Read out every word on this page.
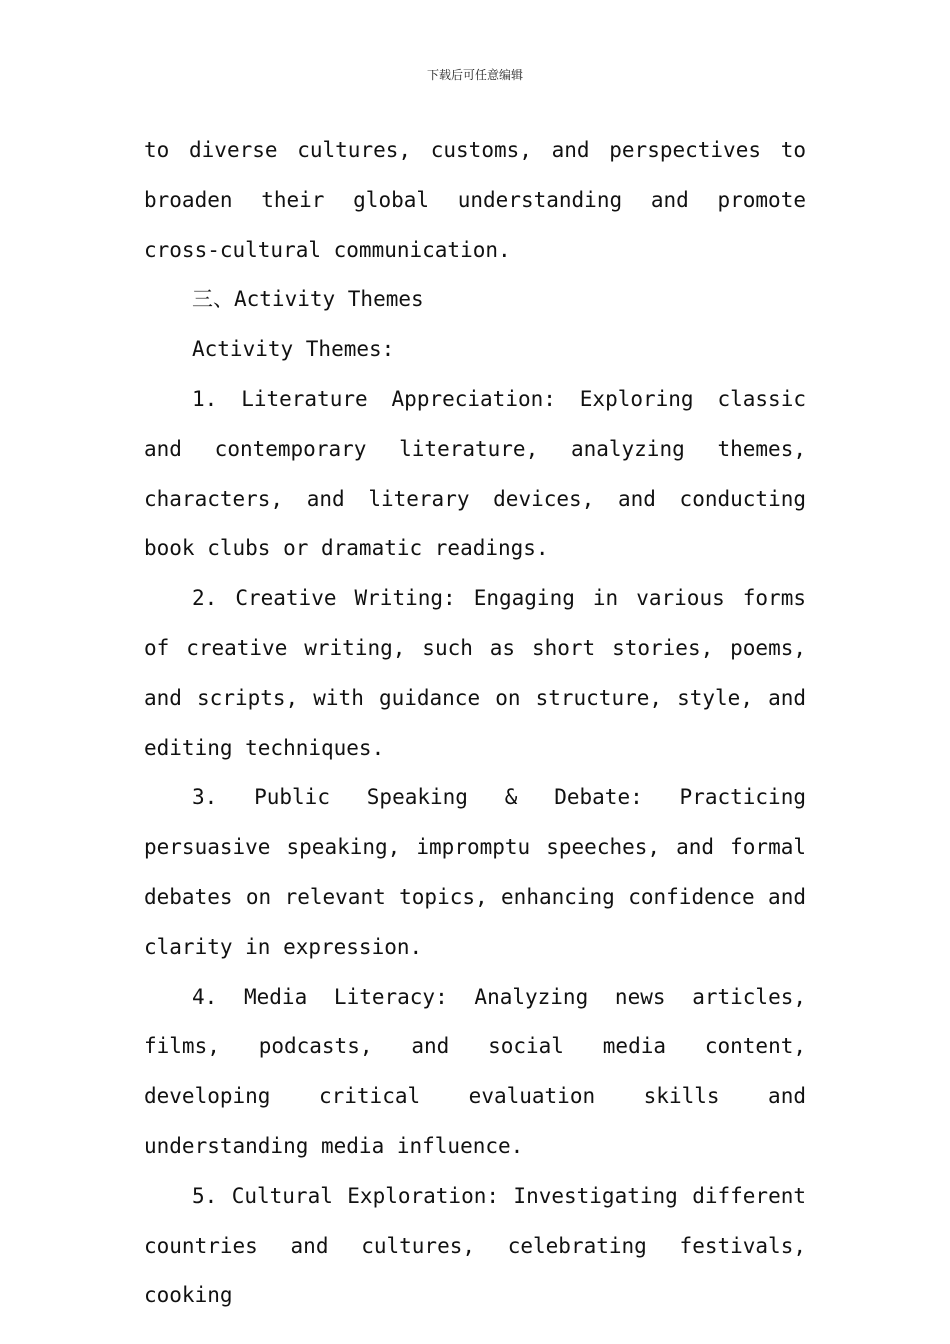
下载后可任意编辑

to diverse cultures, customs, and perspectives to broaden their global understanding and promote cross-cultural communication.

三、Activity Themes

Activity Themes:

1. Literature Appreciation: Exploring classic and contemporary literature, analyzing themes, characters, and literary devices, and conducting book clubs or dramatic readings.

2. Creative Writing: Engaging in various forms of creative writing, such as short stories, poems, and scripts, with guidance on structure, style, and editing techniques.

3. Public Speaking & Debate: Practicing persuasive speaking, impromptu speeches, and formal debates on relevant topics, enhancing confidence and clarity in expression.

4. Media Literacy: Analyzing news articles, films, podcasts, and social media content, developing critical evaluation skills and understanding media influence.

5. Cultural Exploration: Investigating different countries and cultures, celebrating festivals, cooking
